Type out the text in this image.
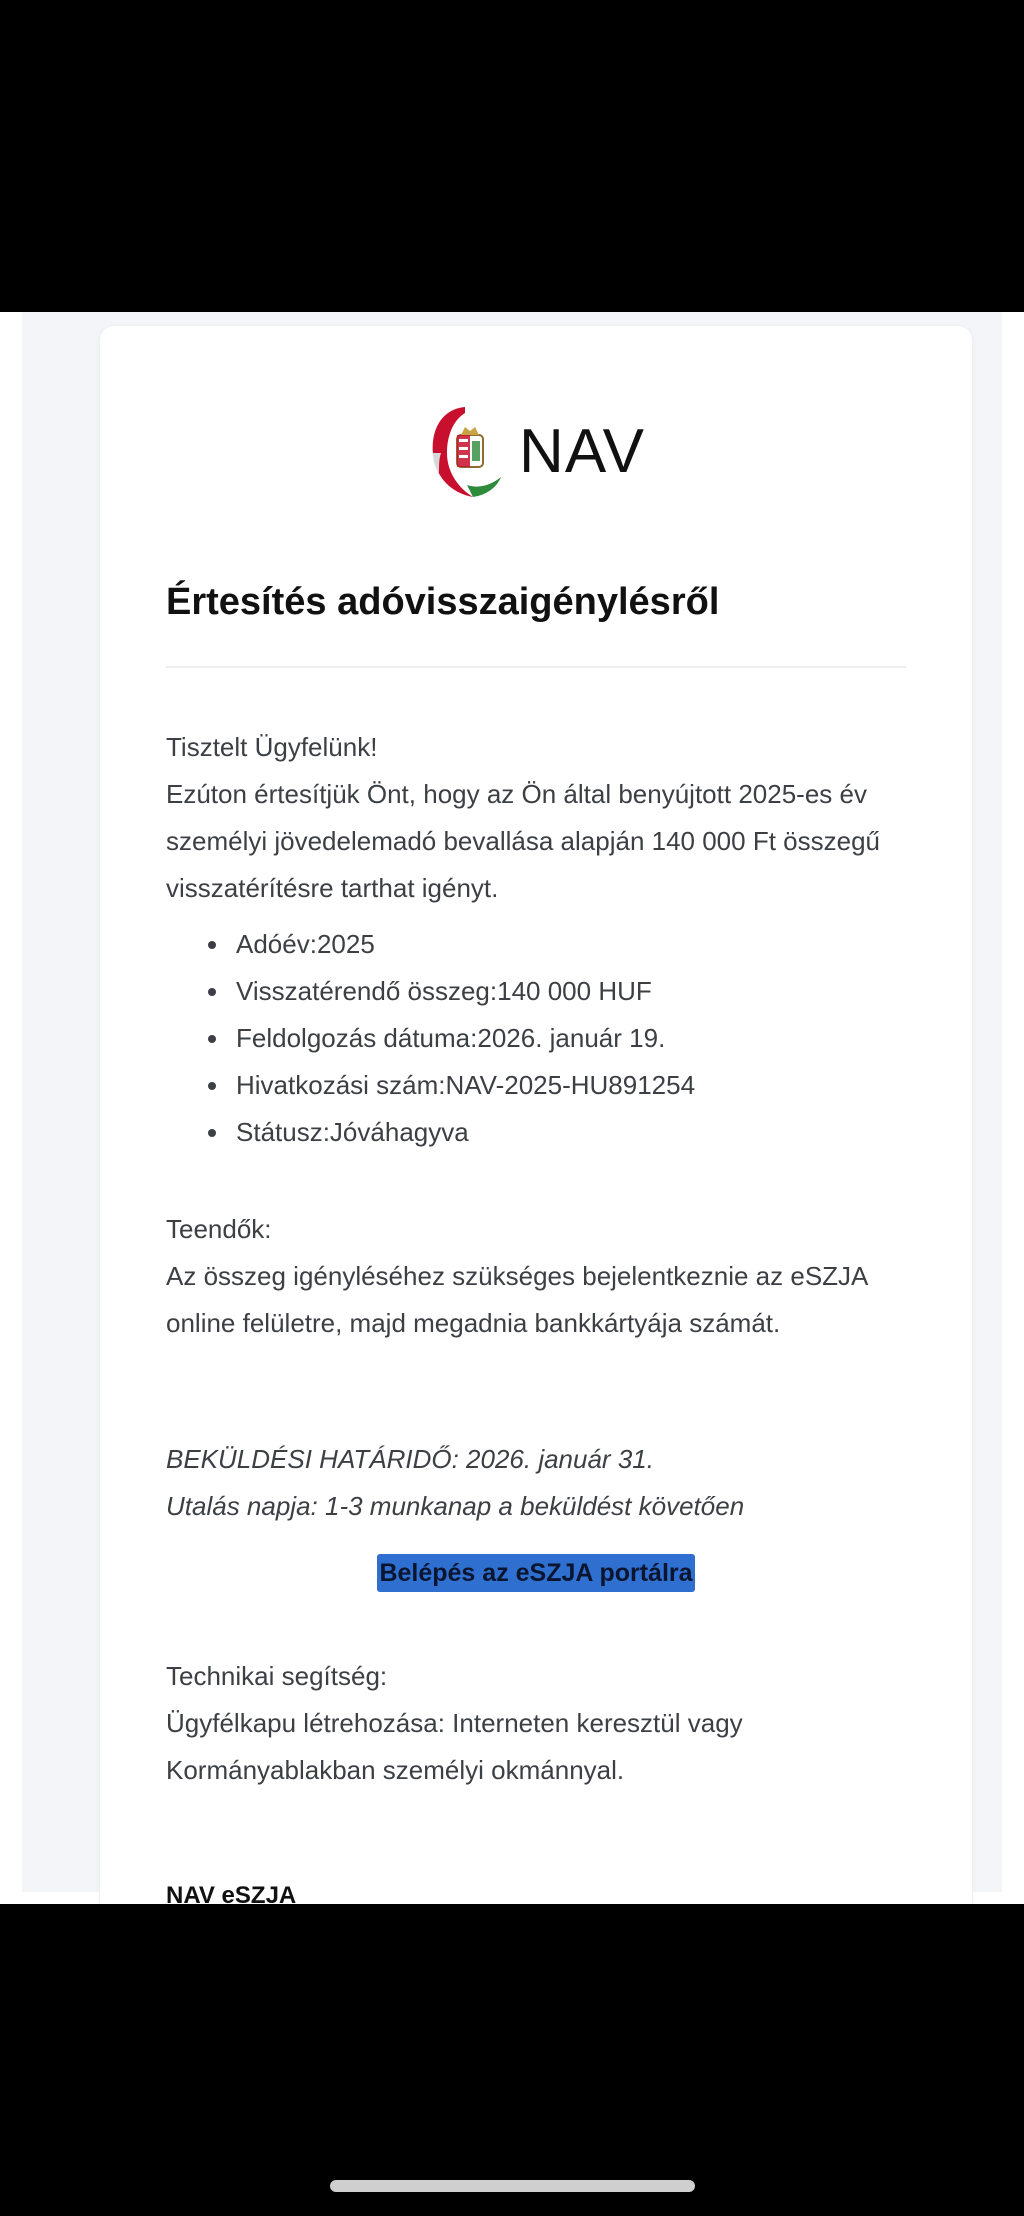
NAV
Értesítés adóvisszaigénylésről
Tisztelt Ügyfelünk!
Ezúton értesítjük Önt, hogy az Ön által benyújtott 2025-es év személyi jövedelemadó bevallása alapján 140 000 Ft összegű visszatérítésre tarthat igényt.
Adóév:2025
Visszatérendő összeg:140 000 HUF
Feldolgozás dátuma:2026. január 19.
Hivatkozási szám:NAV-2025-HU891254
Státusz:Jóváhagyva
Teendők:
Az összeg igényléséhez szükséges bejelentkeznie az eSZJA online felületre, majd megadnia bankkártyája számát.
BEKÜLDÉSI HATÁRIDŐ: 2026. január 31.
Utalás napja: 1-3 munkanap a beküldést követően
Belépés az eSZJA portálra
Technikai segítség:
Ügyfélkapu létrehozása: Interneten keresztül vagy Kormányablakban személyi okmánnyal.
NAV eSZJA
